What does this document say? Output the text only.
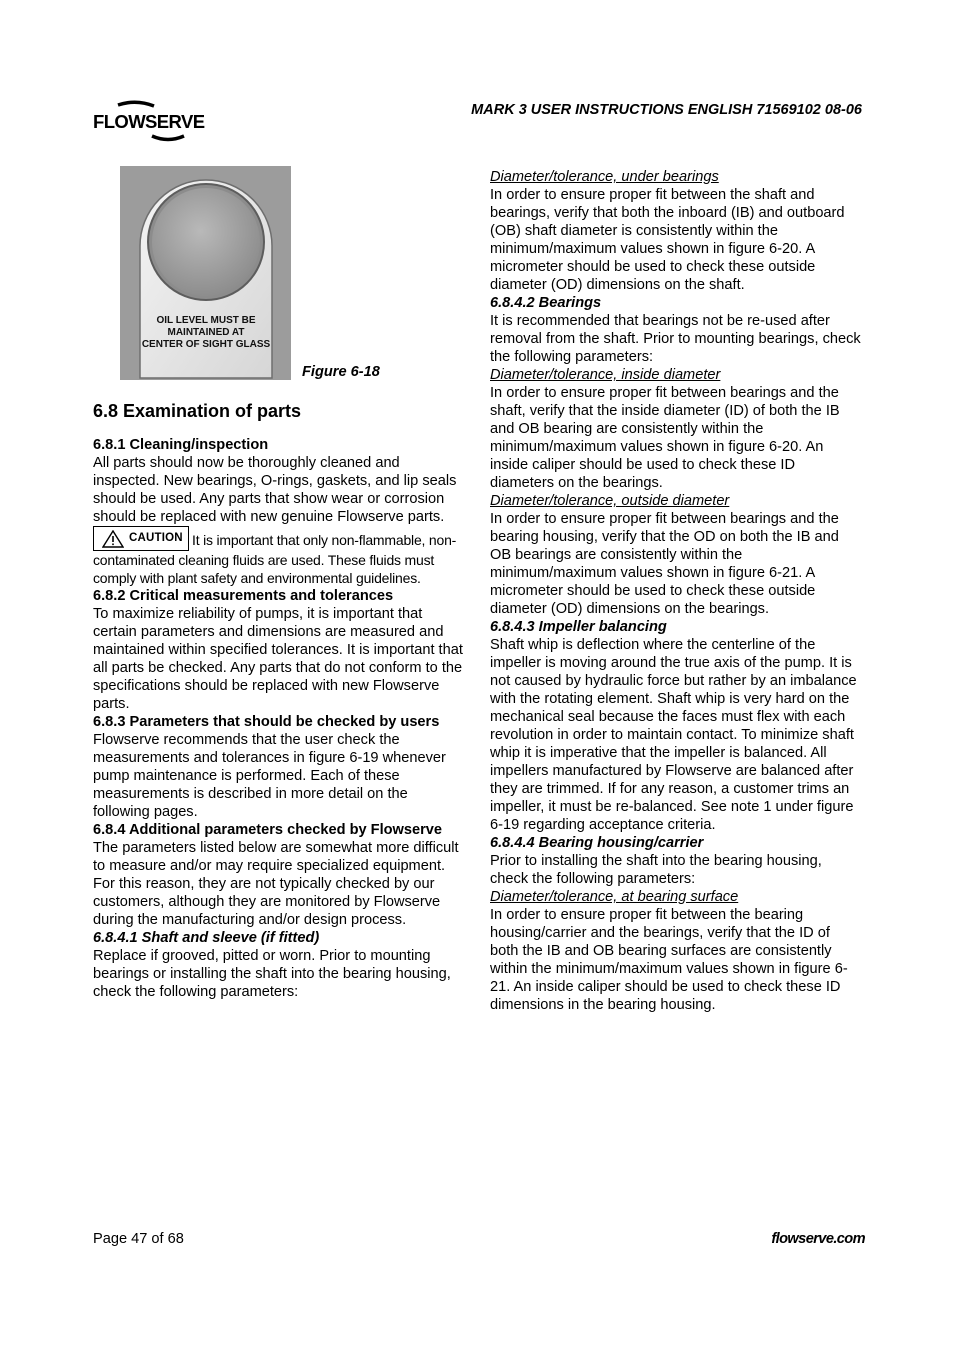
FLOWSERVE
MARK 3 USER INSTRUCTIONS ENGLISH 71569102 08-06
OIL LEVEL MUST BE
MAINTAINED AT
CENTER OF SIGHT GLASS
Figure 6-18
6.8 Examination of parts

6.8.1 Cleaning/inspection

All parts should now be thoroughly cleaned and inspected. New bearings, O-rings, gaskets, and lip seals should be used. Any parts that show wear or corrosion should be replaced with new genuine Flowserve parts.

CAUTION It is important that only non-flammable, non-contaminated cleaning fluids are used. These fluids must comply with plant safety and environmental guidelines.

6.8.2 Critical measurements and tolerances

To maximize reliability of pumps, it is important that certain parameters and dimensions are measured and maintained within specified tolerances. It is important that all parts be checked. Any parts that do not conform to the specifications should be replaced with new Flowserve parts.

6.8.3 Parameters that should be checked by users

Flowserve recommends that the user check the measurements and tolerances in figure 6-19 whenever pump maintenance is performed. Each of these measurements is described in more detail on the following pages.

6.8.4 Additional parameters checked by Flowserve

The parameters listed below are somewhat more difficult to measure and/or may require specialized equipment. For this reason, they are not typically checked by our customers, although they are monitored by Flowserve during the manufacturing and/or design process.

6.8.4.1 Shaft and sleeve (if fitted)

Replace if grooved, pitted or worn. Prior to mounting bearings or installing the shaft into the bearing housing, check the following parameters:

Diameter/tolerance, under bearings

In order to ensure proper fit between the shaft and bearings, verify that both the inboard (IB) and outboard (OB) shaft diameter is consistently within the minimum/maximum values shown in figure 6-20. A micrometer should be used to check these outside diameter (OD) dimensions on the shaft.

6.8.4.2 Bearings

It is recommended that bearings not be re-used after removal from the shaft. Prior to mounting bearings, check the following parameters:

Diameter/tolerance, inside diameter

In order to ensure proper fit between bearings and the shaft, verify that the inside diameter (ID) of both the IB and OB bearing are consistently within the minimum/maximum values shown in figure 6-20. An inside caliper should be used to check these ID diameters on the bearings.

Diameter/tolerance, outside diameter

In order to ensure proper fit between bearings and the bearing housing, verify that the OD on both the IB and OB bearings are consistently within the minimum/maximum values shown in figure 6-21. A micrometer should be used to check these outside diameter (OD) dimensions on the bearings.

6.8.4.3 Impeller balancing

Shaft whip is deflection where the centerline of the impeller is moving around the true axis of the pump. It is not caused by hydraulic force but rather by an imbalance with the rotating element. Shaft whip is very hard on the mechanical seal because the faces must flex with each revolution in order to maintain contact. To minimize shaft whip it is imperative that the impeller is balanced. All impellers manufactured by Flowserve are balanced after they are trimmed. If for any reason, a customer trims an impeller, it must be re-balanced. See note 1 under figure 6-19 regarding acceptance criteria.

6.8.4.4 Bearing housing/carrier

Prior to installing the shaft into the bearing housing, check the following parameters:

Diameter/tolerance, at bearing surface

In order to ensure proper fit between the bearing housing/carrier and the bearings, verify that the ID of both the IB and OB bearing surfaces are consistently within the minimum/maximum values shown in figure 6-21. An inside caliper should be used to check these ID dimensions in the bearing housing.

Page 47 of 68	flowserve.com
